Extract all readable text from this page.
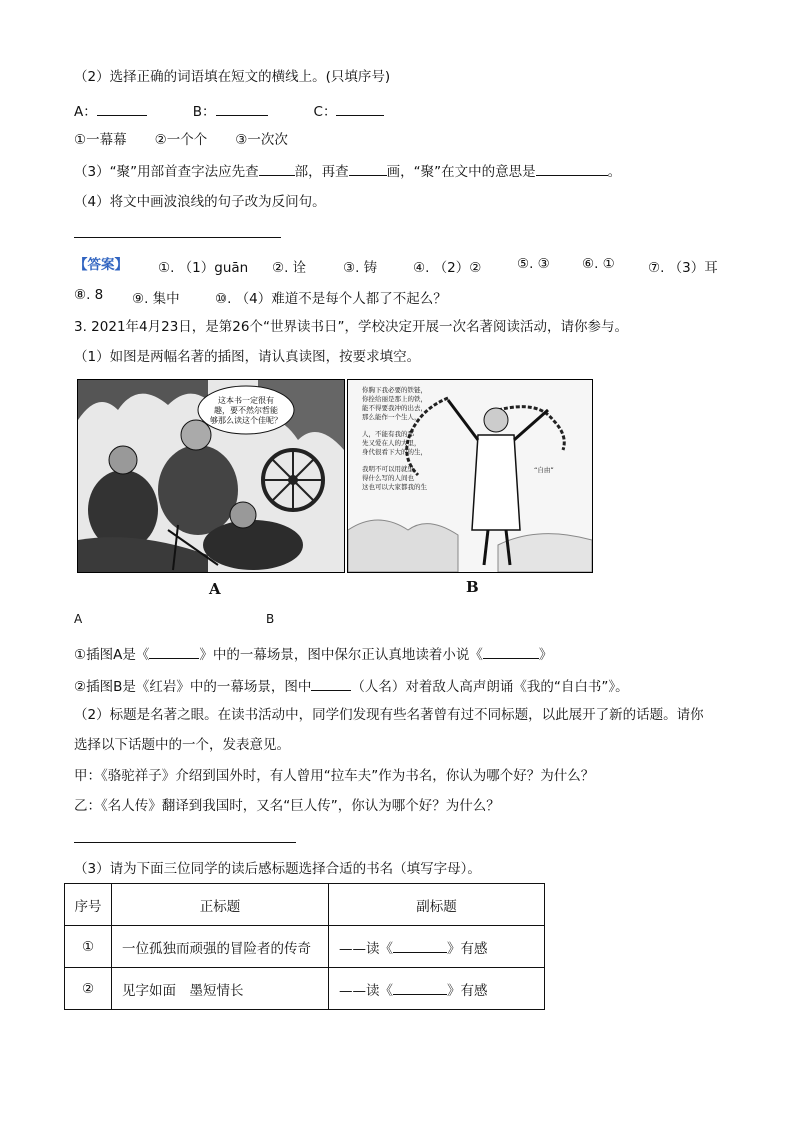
（2）选择正确的词语填在短文的横线上。(只填序号)
A：	B：	C：
①一幕幕 ②一个个 ③一次次
（3）“聚”用部首查字法应先查	部，再查	画，“聚”在文中的意思是	。
（4）将文中画波浪线的句子改为反问句。
【答案】 ①. （1）guān ②. 诠	③. 铸	④. （2）②	⑤. ③ ⑥. ① ⑦. （3）耳
⑧. 8 ⑨. 集中	⑩. （4）难道不是每个人都了不起么？
3. 2021年4月23日，是第26个“世界读书日”，学校决定开展一次名著阅读活动，请你参与。
（1）如图是两幅名著的插图，请认真读图，按要求填空。
这本书一定很有
趣，要不然尔哲能
够那么读这个佳呢？
A
你胸下我必要的铁链，
你拴给丽是那上的铁，
能不得要我冲的出去，
那么能作一个生人，
人，不能有我的那
先又爱在人的大里，
身代很看下大的的生，
我明不可以用就里，
得什么写的人间也
这也可以大家都我的生
“自由”
B
A	B
①插图A是《	》中的一幕场景，图中保尔正认真地读着小说《	》
②插图B是《红岩》中的一幕场景，图中	（人名）对着敌人高声朗诵《我的“自白书”》。
（2）标题是名著之眼。在读书活动中，同学们发现有些名著曾有过不同标题，以此展开了新的话题。请你
选择以下话题中的一个，发表意见。
甲：《骆驼祥子》介绍到国外时，有人曾用“拉车夫”作为书名，你认为哪个好？为什么？
乙：《名人传》翻译到我国时，又名“巨人传”，你认为哪个好？为什么？
（3）请为下面三位同学的读后感标题选择合适的书名（填写字母）。
序号	正标题	副标题
①	一位孤独而顽强的冒险者的传奇	——读《 》有感
②	见字如面　墨短情长	——读《 》有感
